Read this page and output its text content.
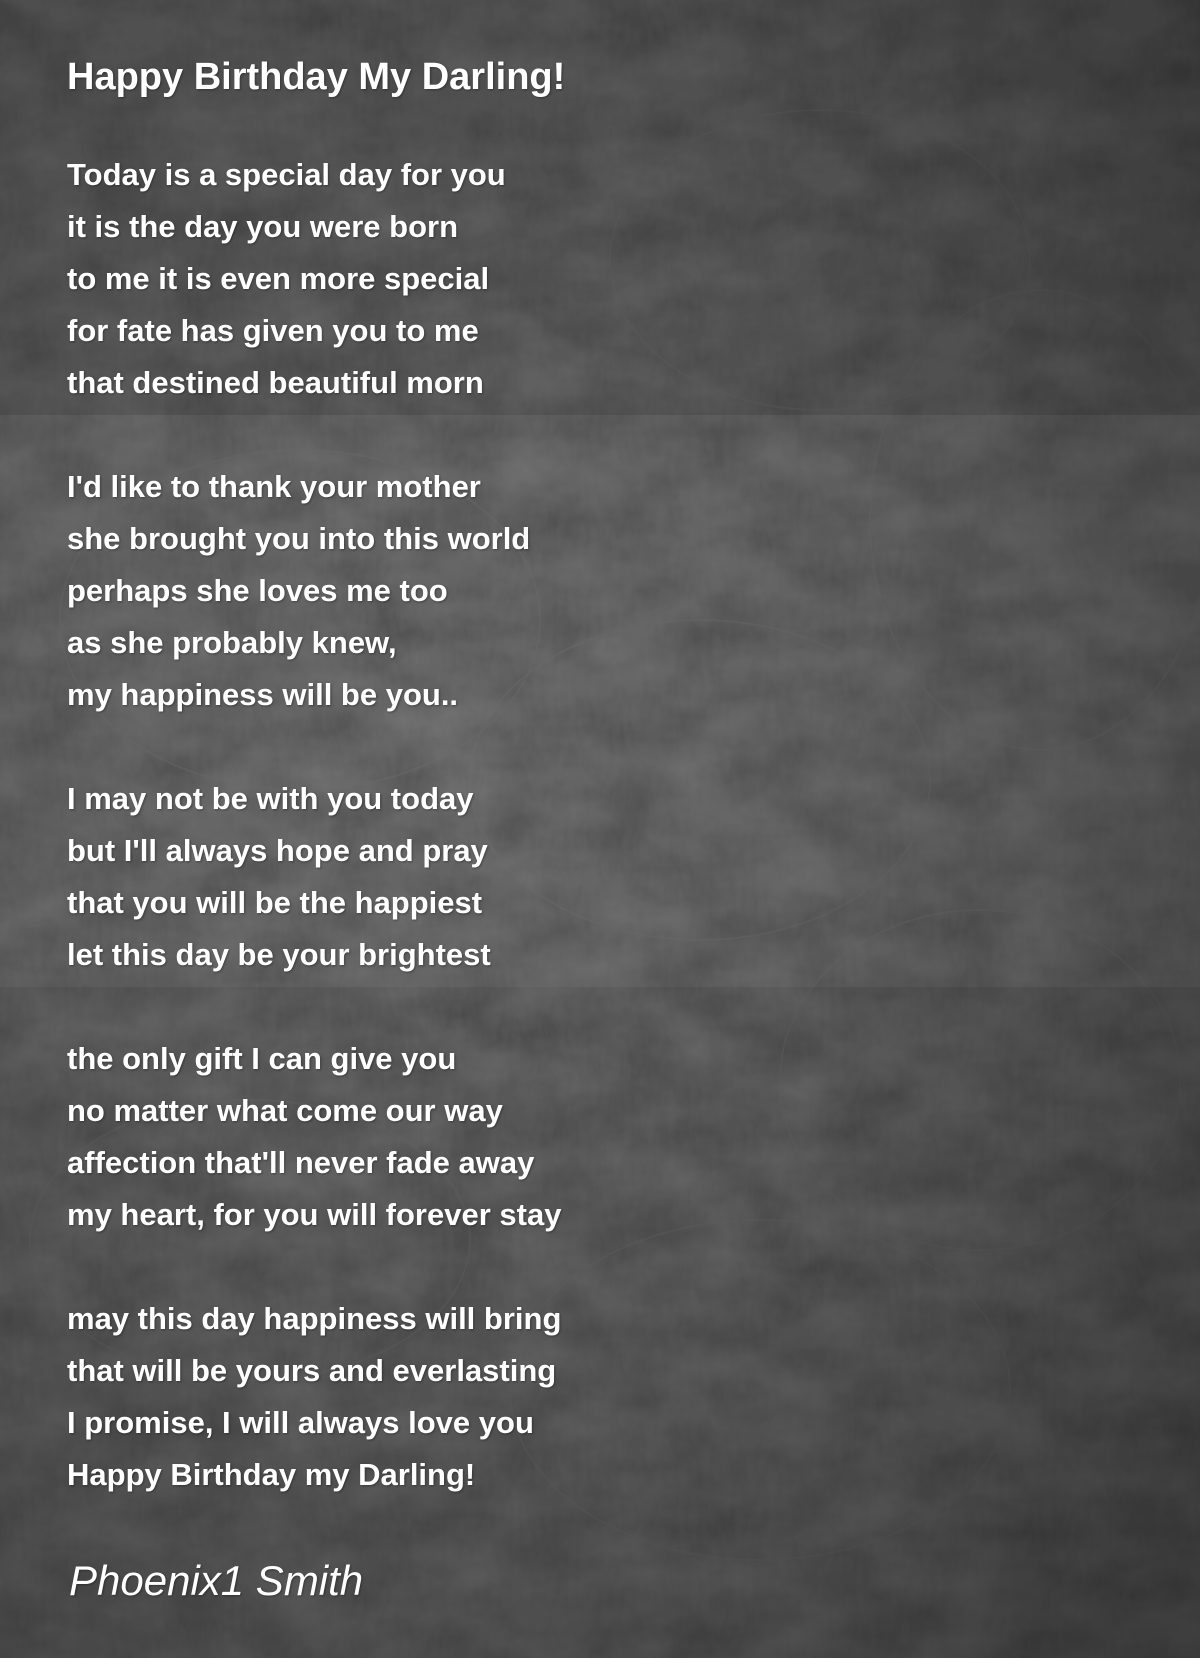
Happy Birthday My Darling!

Today is a special day for you
it is the day you were born
to me it is even more special
for fate has given you to me
that destined beautiful morn

I'd like to thank your mother
she brought you into this world
perhaps she loves me too
as she probably knew,
my happiness will be you..

I may not be with you today
but I'll always hope and pray
that you will be the happiest
let this day be your brightest

the only gift I can give you
no matter what come our way
affection that'll never fade away
my heart, for you will forever stay

may this day happiness will bring
that will be yours and everlasting
I promise, I will always love you
Happy Birthday my Darling!

Phoenix1 Smith
